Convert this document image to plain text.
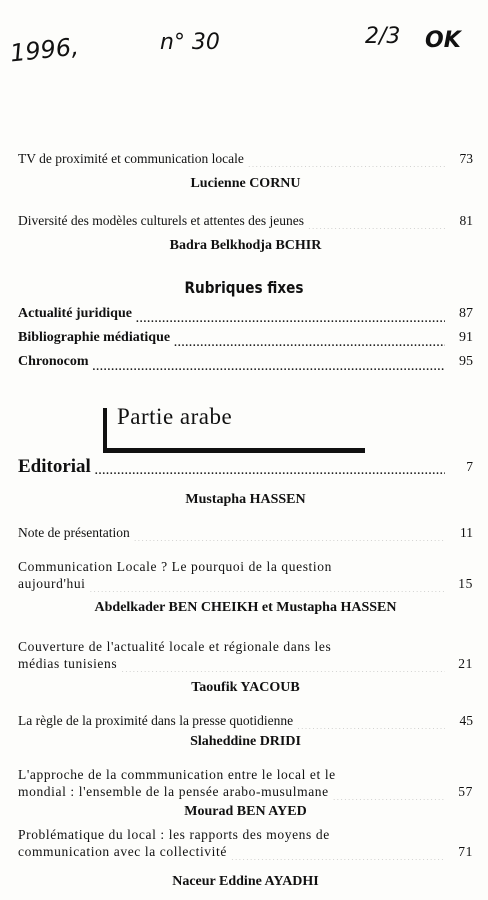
1996,	n° 30	2/3 OK
TV de proximité et communication locale .....	73
Lucienne CORNU
Diversité des modèles culturels et attentes des jeunes .....	81
Badra Belkhodja BCHIR
Rubriques fixes
Actualité juridique .....	87
Bibliographie médiatique .....	91
Chronocom .....	95
Partie arabe
Editorial .....	7
Mustapha HASSEN
Note de présentation .....	11
Communication Locale ? Le pourquoi de la question
aujourd'hui .....	15
Abdelkader BEN CHEIKH et Mustapha HASSEN
Couverture de l'actualité locale et régionale dans les
médias tunisiens .....	21
Taoufik YACOUB
La règle de la proximité dans la presse quotidienne .....	45
Slaheddine DRIDI
L'approche de la commmunication entre le local et le
mondial : l'ensemble de la pensée arabo-musulmane .....	57
Mourad BEN AYED
Problématique du local : les rapports des moyens de
communication avec la collectivité .....	71
Naceur Eddine AYADHI
